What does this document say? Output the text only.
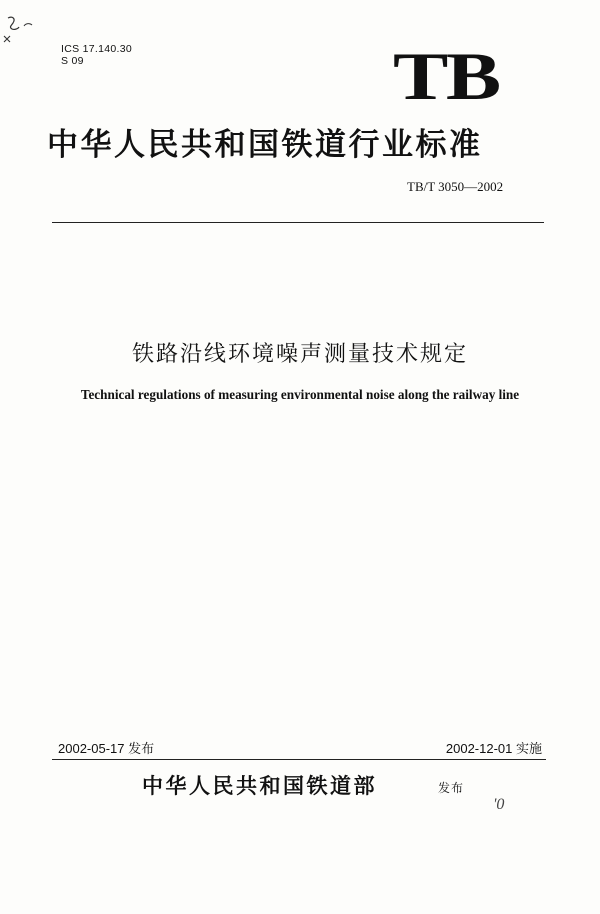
ICS 17.140.30
S 09	TB
中华人民共和国铁道行业标准
TB/T 3050—2002
铁路沿线环境噪声测量技术规定
Technical regulations of measuring environmental noise along the railway line
2002-05-17 发布	2002-12-01 实施
中华人民共和国铁道部	发布
'0
